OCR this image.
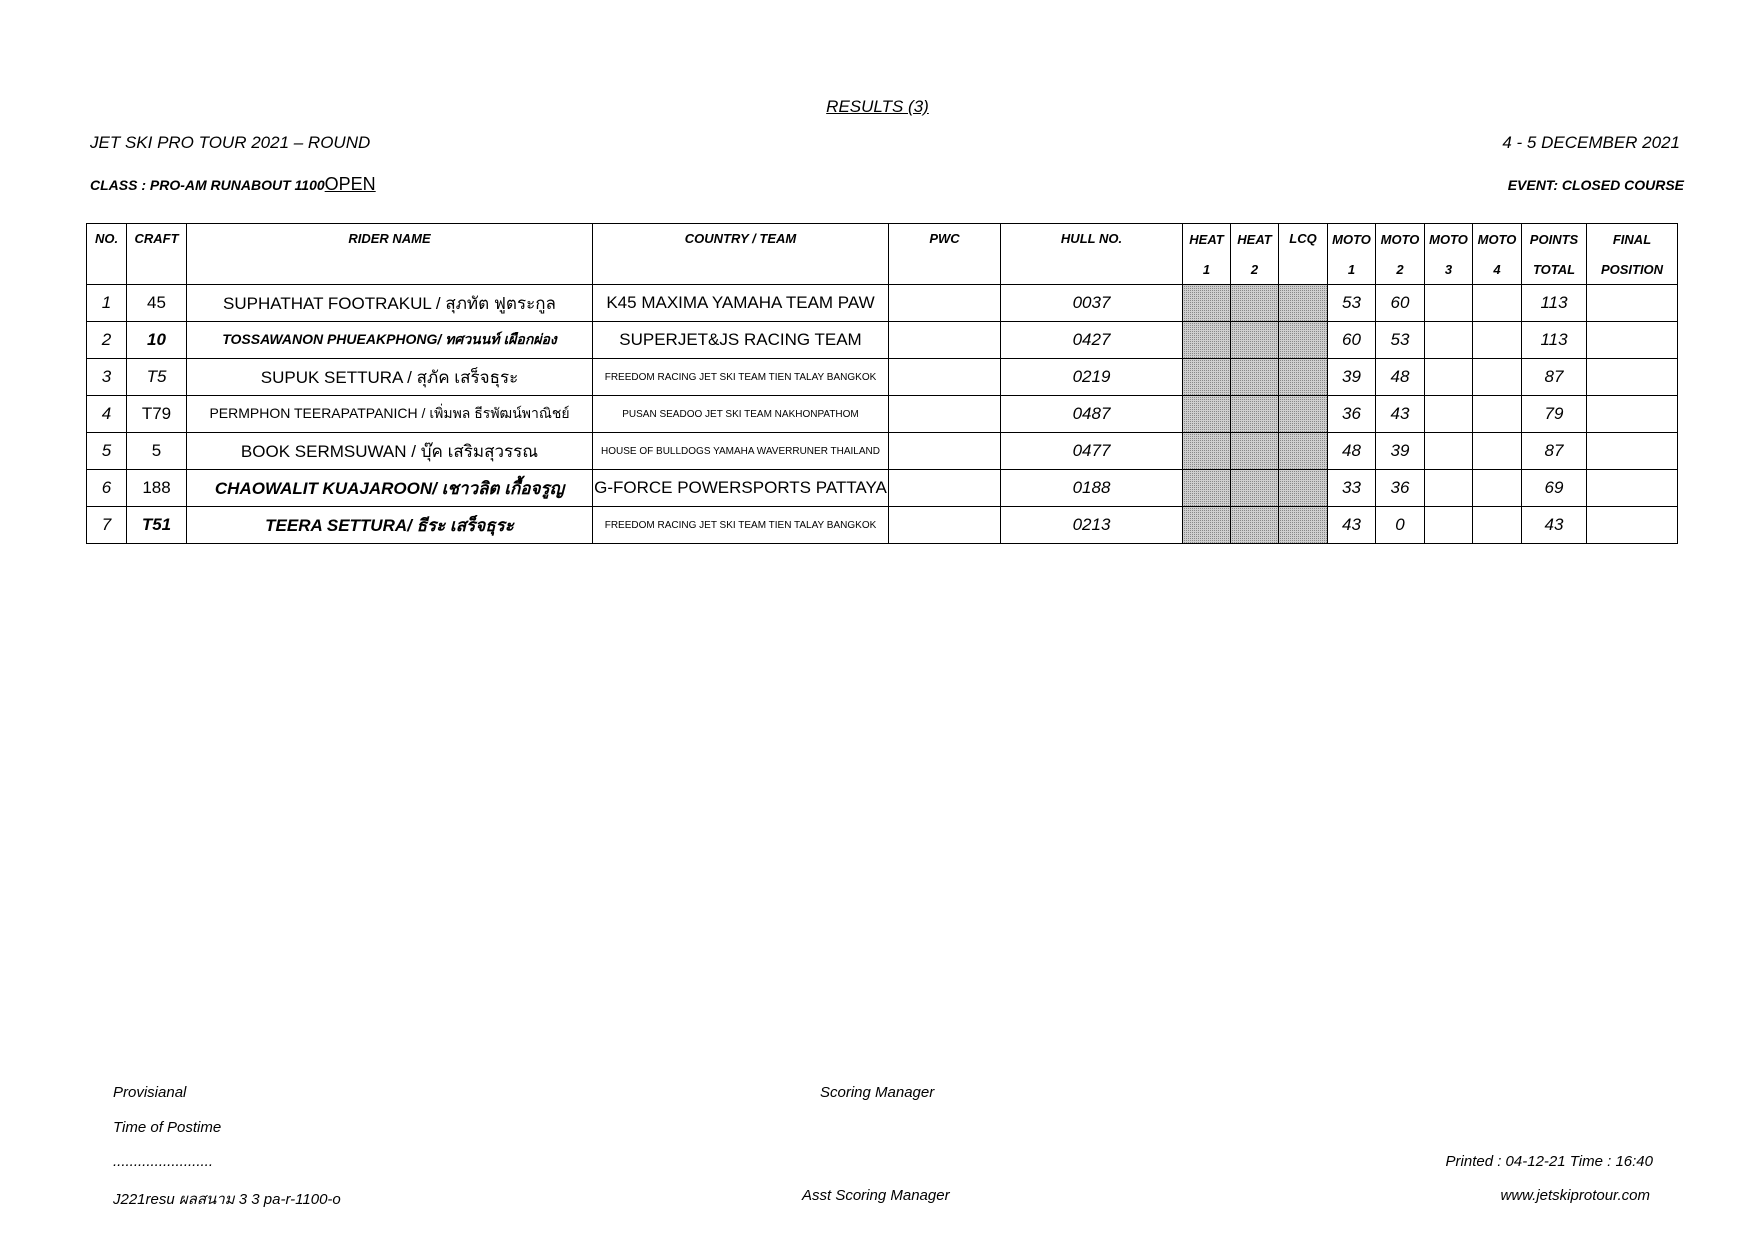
RESULTS (3)
JET SKI PRO TOUR 2021 – ROUND	4 - 5 DECEMBER 2021
CLASS : PRO-AM RUNABOUT 1100OPEN	EVENT: CLOSED COURSE
NO.	CRAFT	RIDER NAME	COUNTRY / TEAM	PWC	HULL NO.	HEAT	HEAT	LCQ	MOTO	MOTO	MOTO	MOTO	POINTS	FINAL
						1	2		1	2	3	4	TOTAL	POSITION
1	45	SUPHATHAT FOOTRAKUL / สุภทัต ฟูตระกูล	K45 MAXIMA YAMAHA TEAM PAW		0037				53	60			113	
2	10	TOSSAWANON PHUEAKPHONG/ ทศวนนท์ เผือกผ่อง	SUPERJET&JS RACING TEAM		0427				60	53			113	
3	T5	SUPUK SETTURA / สุภัค เสร็จธุระ	FREEDOM RACING JET SKI TEAM TIEN TALAY BANGKOK		0219				39	48			87	
4	T79	PERMPHON TEERAPATPANICH / เพิ่มพล ธีรพัฒน์พาณิชย์	PUSAN SEADOO JET SKI TEAM NAKHONPATHOM		0487				36	43			79	
5	5	BOOK SERMSUWAN / บุ๊ค เสริมสุวรรณ	HOUSE OF BULLDOGS YAMAHA WAVERRUNER THAILAND		0477				48	39			87	
6	188	CHAOWALIT KUAJAROON/ เชาวลิต เกื้อจรูญ	G-FORCE POWERSPORTS PATTAYA		0188				33	36			69	
7	T51	TEERA SETTURA/ ธีระ เสร็จธุระ	FREEDOM RACING JET SKI TEAM TIEN TALAY BANGKOK		0213				43	0			43	
Provisianal	Scoring Manager
Time of Postime
........................	Printed : 04-12-21 Time : 16:40
J221resu ผลสนาม 3 3 pa-r-1100-o	Asst Scoring Manager	www.jetskiprotour.com
